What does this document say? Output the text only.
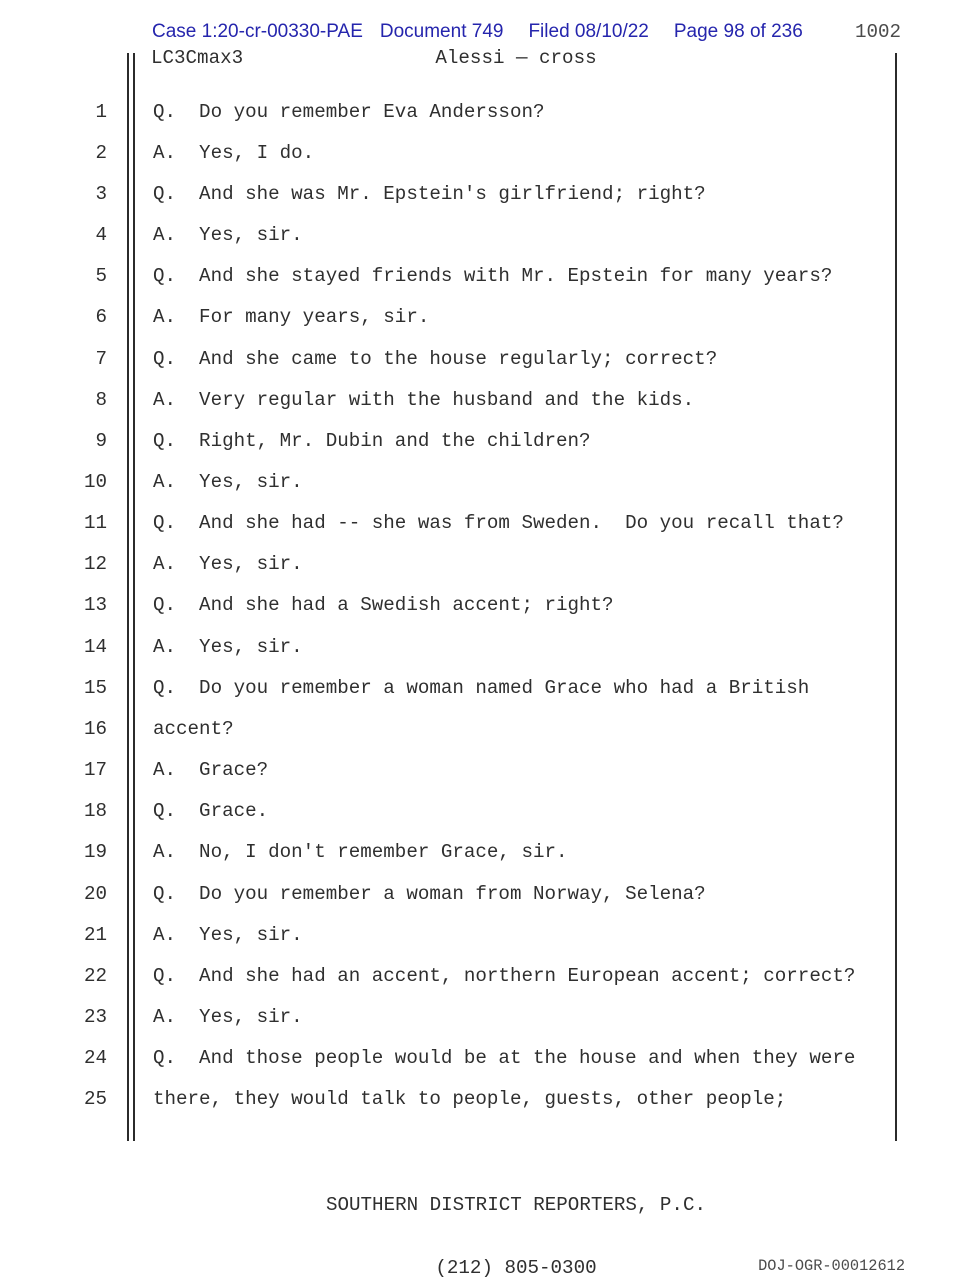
Case 1:20-cr-00330-PAE Document 749 Filed 08/10/22 Page 98 of 236	1002
LC3Cmax3	Alessi — cross
1 Q.  Do you remember Eva Andersson?
2 A.  Yes, I do.
3 Q.  And she was Mr. Epstein's girlfriend; right?
4 A.  Yes, sir.
5 Q.  And she stayed friends with Mr. Epstein for many years?
6 A.  For many years, sir.
7 Q.  And she came to the house regularly; correct?
8 A.  Very regular with the husband and the kids.
9 Q.  Right, Mr. Dubin and the children?
10 A.  Yes, sir.
11 Q.  And she had -- she was from Sweden.  Do you recall that?
12 A.  Yes, sir.
13 Q.  And she had a Swedish accent; right?
14 A.  Yes, sir.
15 Q.  Do you remember a woman named Grace who had a British
16 accent?
17 A.  Grace?
18 Q.  Grace.
19 A.  No, I don't remember Grace, sir.
20 Q.  Do you remember a woman from Norway, Selena?
21 A.  Yes, sir.
22 Q.  And she had an accent, northern European accent; correct?
23 A.  Yes, sir.
24 Q.  And those people would be at the house and when they were
25 there, they would talk to people, guests, other people;

SOUTHERN DISTRICT REPORTERS, P.C.

(212) 805-0300

	DOJ-OGR-00012612
